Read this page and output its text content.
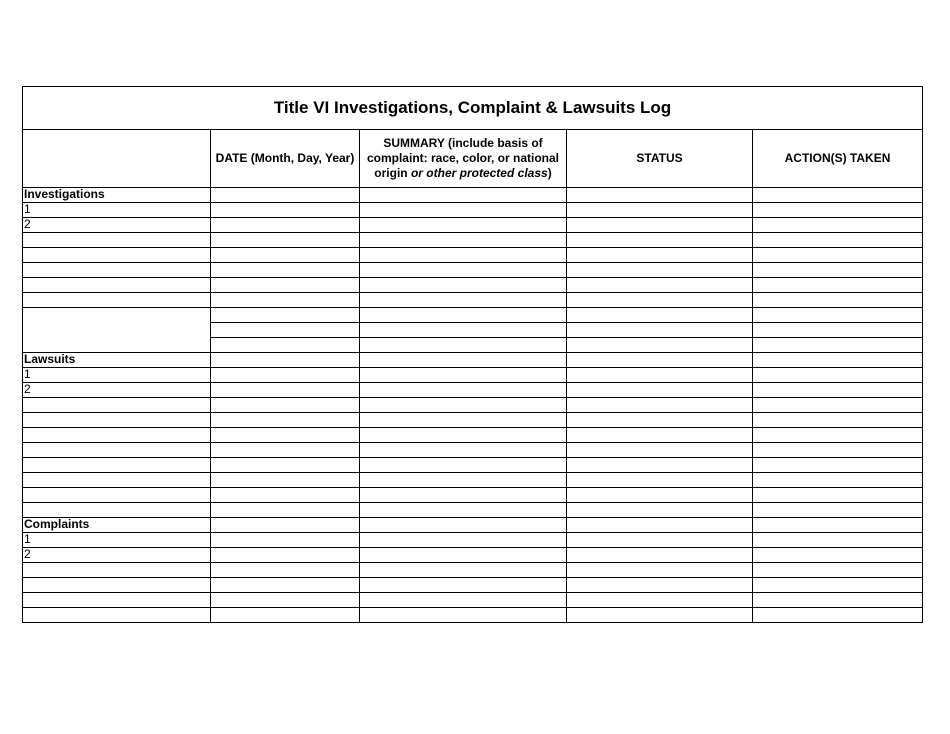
Title VI Investigations, Complaint & Lawsuits Log				
	DATE (Month, Day, Year)	SUMMARY (include basis of complaint: race, color, or national origin or other protected class)	STATUS	ACTION(S) TAKEN
Investigations				
1				
2				

Lawsuits				
1				
2				

Complaints				
1				
2				
